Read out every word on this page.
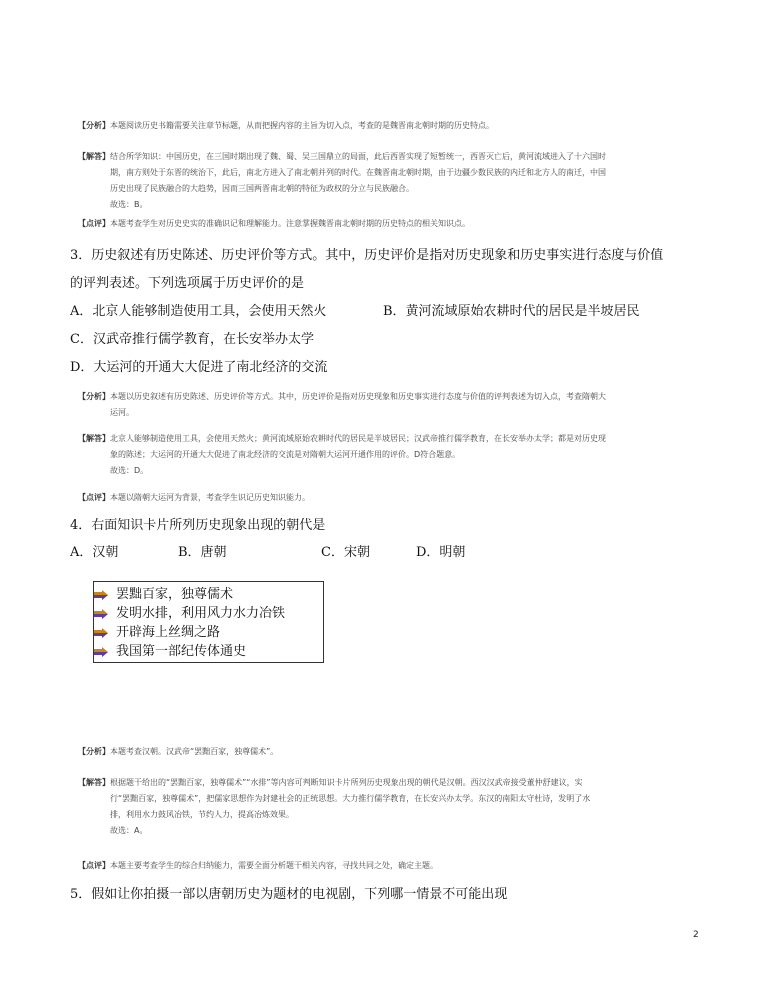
【分析】 本题阅读历史书籍需要关注章节标题，从而把握内容的主旨为切入点，考查的是魏晋南北朝时期的历史特点。
【解答】 结合所学知识：中国历史，在三国时期出现了魏、蜀、吴三国鼎立的局面，此后西晋实现了短暂统一，西晋灭亡后，黄河流域进入了十六国时
期，南方则处于东晋的统治下，此后，南北方进入了南北朝并列的时代。在魏晋南北朝时期，由于边疆少数民族的内迁和北方人的南迁，中国
历史出现了民族融合的大趋势，因而三国两晋南北朝的特征为政权的分立与民族融合。
故选：B。
【点评】 本题考查学生对历史史实的准确识记和理解能力。注意掌握魏晋南北朝时期的历史特点的相关知识点。
3．历史叙述有历史陈述、历史评价等方式。其中，历史评价是指对历史现象和历史事实进行态度与价值
的评判表述。下列选项属于历史评价的是
A．北京人能够制造使用工具，会使用天然火	B．黄河流域原始农耕时代的居民是半坡居民
C．汉武帝推行儒学教育，在长安举办太学
D．大运河的开通大大促进了南北经济的交流
【分析】 本题以历史叙述有历史陈述、历史评价等方式。其中，历史评价是指对历史现象和历史事实进行态度与价值的评判表述为切入点，考查隋朝大
运河。
【解答】 北京人能够制造使用工具，会使用天然火；黄河流域原始农耕时代的居民是半坡居民；汉武帝推行儒学教育，在长安举办太学；都是对历史现
象的陈述；大运河的开通大大促进了南北经济的交流是对隋朝大运河开通作用的评价。D符合题意。
故选：D。
【点评】 本题以隋朝大运河为背景，考查学生识记历史知识能力。
4．右面知识卡片所列历史现象出现的朝代是
A．汉朝	B．唐朝	C．宋朝	D．明朝
罢黜百家，独尊儒术
发明水排，利用风力水力冶铁
开辟海上丝绸之路
我国第一部纪传体通史
【分析】 本题考查汉朝。汉武帝“罢黜百家，独尊儒术”。
【解答】 根据题干给出的“罢黜百家，独尊儒术”“水排”等内容可判断知识卡片所列历史现象出现的朝代是汉朝。西汉汉武帝接受董仲舒建议，实
行“罢黜百家，独尊儒术”，把儒家思想作为封建社会的正统思想。大力推行儒学教育，在长安兴办太学。东汉的南阳太守杜诗，发明了水
排，利用水力鼓风冶铁，节约人力，提高冶炼效果。
故选：A。
【点评】 本题主要考查学生的综合归纳能力，需要全面分析题干相关内容，寻找共同之处，确定主题。
5．假如让你拍摄一部以唐朝历史为题材的电视剧，下列哪一情景不可能出现
2
